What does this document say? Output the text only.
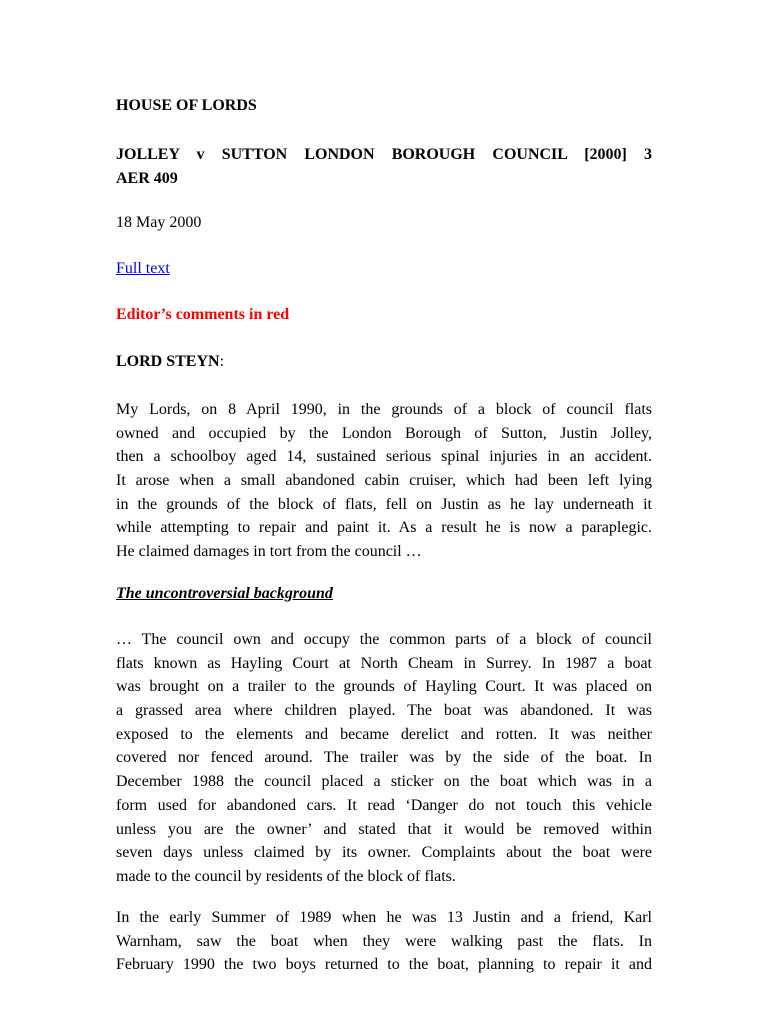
HOUSE OF LORDS

JOLLEY v SUTTON LONDON BOROUGH COUNCIL [2000] 3
AER 409

18 May 2000

Full text

Editor’s comments in red

LORD STEYN:

My Lords, on 8 April 1990, in the grounds of a block of council flats
owned and occupied by the London Borough of Sutton, Justin Jolley,
then a schoolboy aged 14, sustained serious spinal injuries in an accident.
It arose when a small abandoned cabin cruiser, which had been left lying
in the grounds of the block of flats, fell on Justin as he lay underneath it
while attempting to repair and paint it. As a result he is now a paraplegic.
He claimed damages in tort from the council …

The uncontroversial background

… The council own and occupy the common parts of a block of council
flats known as Hayling Court at North Cheam in Surrey. In 1987 a boat
was brought on a trailer to the grounds of Hayling Court. It was placed on
a grassed area where children played. The boat was abandoned. It was
exposed to the elements and became derelict and rotten. It was neither
covered nor fenced around. The trailer was by the side of the boat. In
December 1988 the council placed a sticker on the boat which was in a
form used for abandoned cars. It read ‘Danger do not touch this vehicle
unless you are the owner’ and stated that it would be removed within
seven days unless claimed by its owner. Complaints about the boat were
made to the council by residents of the block of flats.
In the early Summer of 1989 when he was 13 Justin and a friend, Karl
Warnham, saw the boat when they were walking past the flats. In
February 1990 the two boys returned to the boat, planning to repair it and
